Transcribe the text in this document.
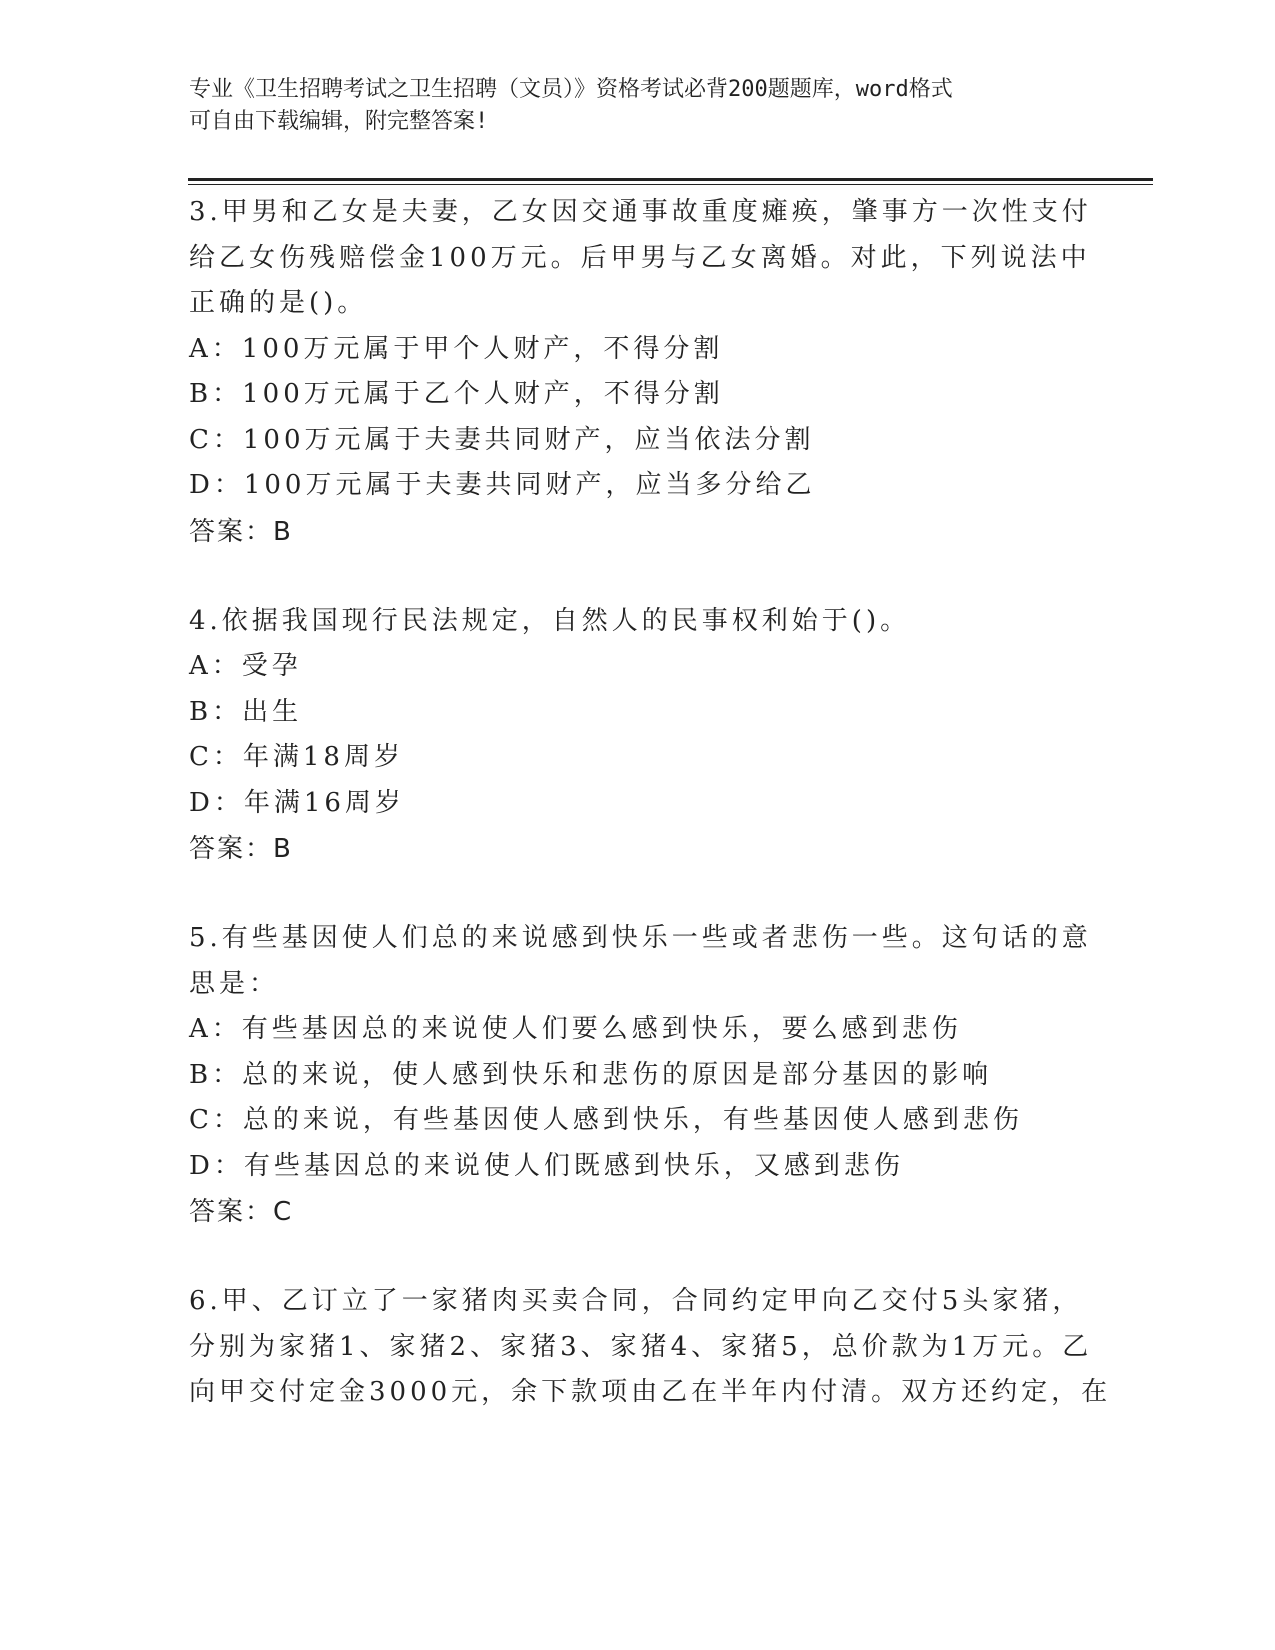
专业《卫生招聘考试之卫生招聘（文员）》资格考试必背200题题库，word格式
可自由下载编辑，附完整答案!
3.甲男和乙女是夫妻，乙女因交通事故重度瘫痪，肇事方一次性支付
给乙女伤残赔偿金100万元。后甲男与乙女离婚。对此，下列说法中
正确的是()。
A：100万元属于甲个人财产，不得分割
B：100万元属于乙个人财产，不得分割
C：100万元属于夫妻共同财产，应当依法分割
D：100万元属于夫妻共同财产，应当多分给乙
答案：B
4.依据我国现行民法规定，自然人的民事权利始于()。
A：受孕
B：出生
C：年满18周岁
D：年满16周岁
答案：B
5.有些基因使人们总的来说感到快乐一些或者悲伤一些。这句话的意
思是：
A：有些基因总的来说使人们要么感到快乐，要么感到悲伤
B：总的来说，使人感到快乐和悲伤的原因是部分基因的影响
C：总的来说，有些基因使人感到快乐，有些基因使人感到悲伤
D：有些基因总的来说使人们既感到快乐，又感到悲伤
答案：C
6.甲、乙订立了一家猪肉买卖合同，合同约定甲向乙交付5头家猪，
分别为家猪1、家猪2、家猪3、家猪4、家猪5，总价款为1万元。乙
向甲交付定金3000元，余下款项由乙在半年内付清。双方还约定，在
